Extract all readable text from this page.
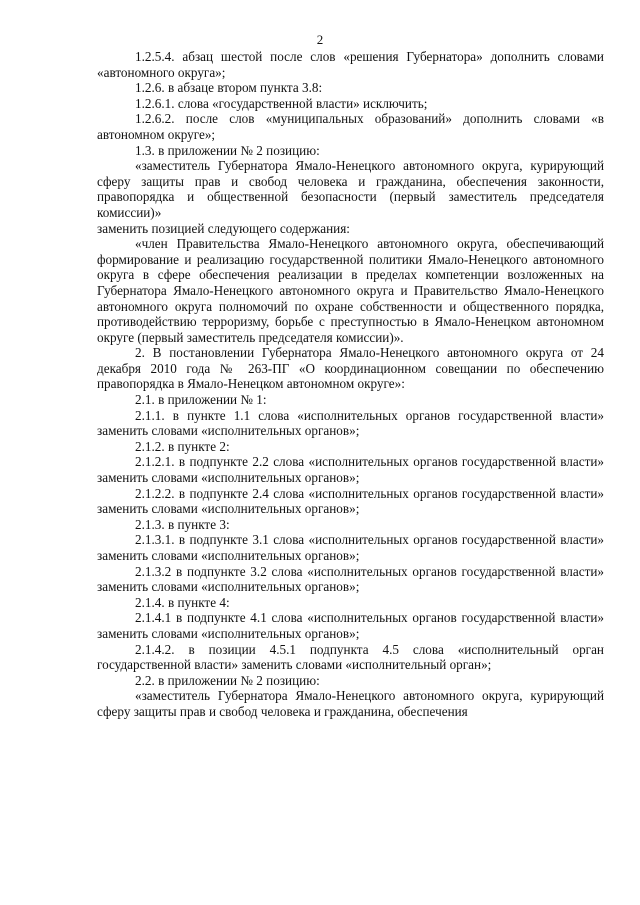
2

1.2.5.4. абзац шестой после слов «решения Губернатора» дополнить словами «автономного округа»;

1.2.6. в абзаце втором пункта 3.8:

1.2.6.1. слова «государственной власти» исключить;

1.2.6.2. после слов «муниципальных образований» дополнить словами «в автономном округе»;

1.3. в приложении № 2 позицию:

«заместитель Губернатора Ямало-Ненецкого автономного округа, курирующий сферу защиты прав и свобод человека и гражданина, обеспечения законности, правопорядка и общественной безопасности (первый заместитель председателя комиссии)»

заменить позицией следующего содержания:

«член Правительства Ямало-Ненецкого автономного округа, обеспечивающий формирование и реализацию государственной политики Ямало-Ненецкого автономного округа в сфере обеспечения реализации в пределах компетенции возложенных на Губернатора Ямало-Ненецкого автономного округа и Правительство Ямало-Ненецкого автономного округа полномочий по охране собственности и общественного порядка, противодействию терроризму, борьбе с преступностью в Ямало-Ненецком автономном округе (первый заместитель председателя комиссии)».

2. В постановлении Губернатора Ямало-Ненецкого автономного округа от 24 декабря 2010 года № 263-ПГ «О координационном совещании по обеспечению правопорядка в Ямало-Ненецком автономном округе»:

2.1. в приложении № 1:

2.1.1. в пункте 1.1 слова «исполнительных органов государственной власти» заменить словами «исполнительных органов»;

2.1.2. в пункте 2:

2.1.2.1. в подпункте 2.2 слова «исполнительных органов государственной власти» заменить словами «исполнительных органов»;

2.1.2.2. в подпункте 2.4 слова «исполнительных органов государственной власти» заменить словами «исполнительных органов»;

2.1.3. в пункте 3:

2.1.3.1. в подпункте 3.1 слова «исполнительных органов государственной власти» заменить словами «исполнительных органов»;

2.1.3.2 в подпункте 3.2 слова «исполнительных органов государственной власти» заменить словами «исполнительных органов»;

2.1.4. в пункте 4:

2.1.4.1 в подпункте 4.1 слова «исполнительных органов государственной власти» заменить словами «исполнительных органов»;

2.1.4.2. в позиции 4.5.1 подпункта 4.5 слова «исполнительный орган государственной власти» заменить словами «исполнительный орган»;

2.2. в приложении № 2 позицию:

«заместитель Губернатора Ямало-Ненецкого автономного округа, курирующий сферу защиты прав и свобод человека и гражданина, обеспечения
